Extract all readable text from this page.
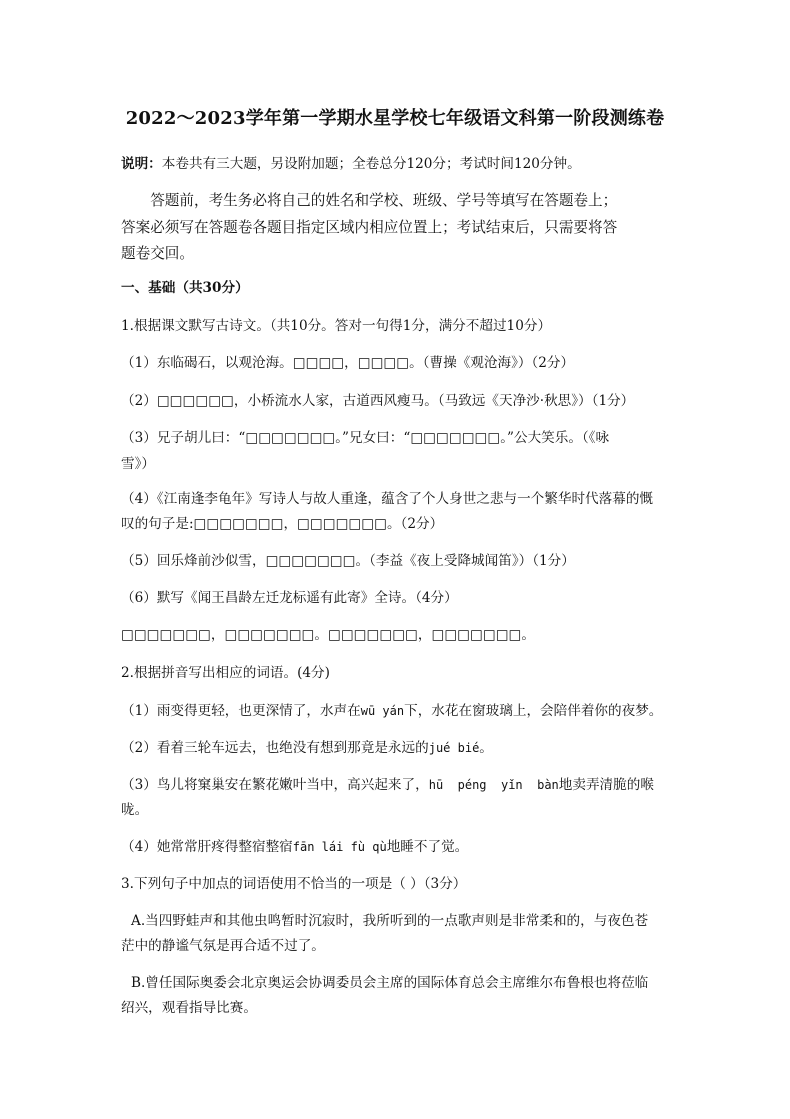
2022～2023学年第一学期水星学校七年级语文科第一阶段测练卷
说明：本卷共有三大题，另设附加题；全卷总分120分；考试时间120分钟。
答题前，考生务必将自己的姓名和学校、班级、学号等填写在答题卷上；
答案必须写在答题卷各题目指定区域内相应位置上；考试结束后，只需要将答
题卷交回。
一、基础（共30分）
1.根据课文默写古诗文。（共10分。答对一句得1分，满分不超过10分）
（1）东临碣石，以观沧海。□□□□，□□□□。（曹操《观沧海》）（2分）
（2）□□□□□□，小桥流水人家，古道西风瘦马。（马致远《天净沙·秋思》）（1分）
（3）兄子胡儿曰：“□□□□□□□。”兄女曰：“□□□□□□□。”公大笑乐。（《咏
雪》）
（4）《江南逢李龟年》写诗人与故人重逢，蕴含了个人身世之悲与一个繁华时代落幕的慨
叹的句子是:□□□□□□□，□□□□□□□。（2分）
（5）回乐烽前沙似雪，□□□□□□□。（李益《夜上受降城闻笛》）（1分）
（6）默写《闻王昌龄左迁龙标遥有此寄》全诗。（4分）
□□□□□□□，□□□□□□□。□□□□□□□，□□□□□□□。
2.根据拼音写出相应的词语。(4分)
（1）雨变得更轻，也更深情了，水声在wū yán下，水花在窗玻璃上，会陪伴着你的夜梦。
（2）看着三轮车远去，也绝没有想到那竟是永远的jué bié。
（3）鸟儿将窠巢安在繁花嫩叶当中，高兴起来了，hū  péng  yǐn  bàn地卖弄清脆的喉
咙。
（4）她常常肝疼得整宿整宿fān lái fù qù地睡不了觉。
3.下列句子中加点的词语使用不恰当的一项是（ ）（3分）
A.当四野蛙声和其他虫鸣暂时沉寂时，我所听到的一点歌声则是非常柔和的，与夜色苍
茫中的静谧气氛是再合适不过了。
B.曾任国际奥委会北京奥运会协调委员会主席的国际体育总会主席维尔布鲁根也将莅临
绍兴，观看指导比赛。
